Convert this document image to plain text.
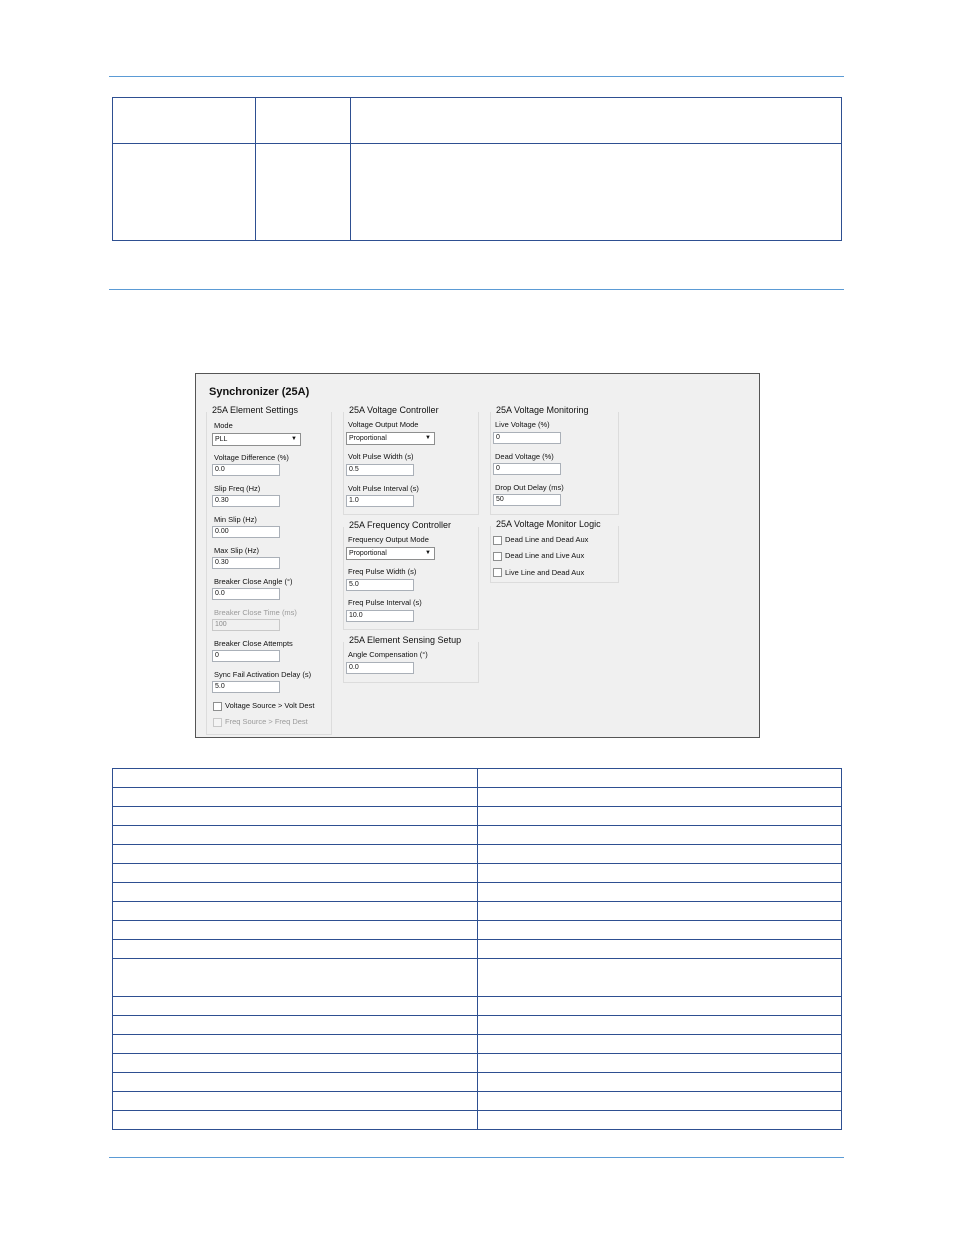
Synchronizer (25A)
25A Element Settings
Mode
PLL	▼
Voltage Difference (%)
0.0
Slip Freq (Hz)
0.30
Min Slip (Hz)
0.00
Max Slip (Hz)
0.30
Breaker Close Angle (°)
0.0
Breaker Close Time (ms)
100
Breaker Close Attempts
0
Sync Fail Activation Delay (s)
5.0
Voltage Source > Volt Dest
Freq Source > Freq Dest
25A Voltage Controller
Voltage Output Mode
Proportional	▼
Volt Pulse Width (s)
0.5
Volt Pulse Interval (s)
1.0
25A Frequency Controller
Frequency Output Mode
Proportional	▼
Freq Pulse Width (s)
5.0
Freq Pulse Interval (s)
10.0
25A Element Sensing Setup
Angle Compensation (°)
0.0
25A Voltage Monitoring
Live Voltage (%)
0
Dead Voltage (%)
0
Drop Out Delay (ms)
50
25A Voltage Monitor Logic
Dead Line and Dead Aux
Dead Line and Live Aux
Live Line and Dead Aux
